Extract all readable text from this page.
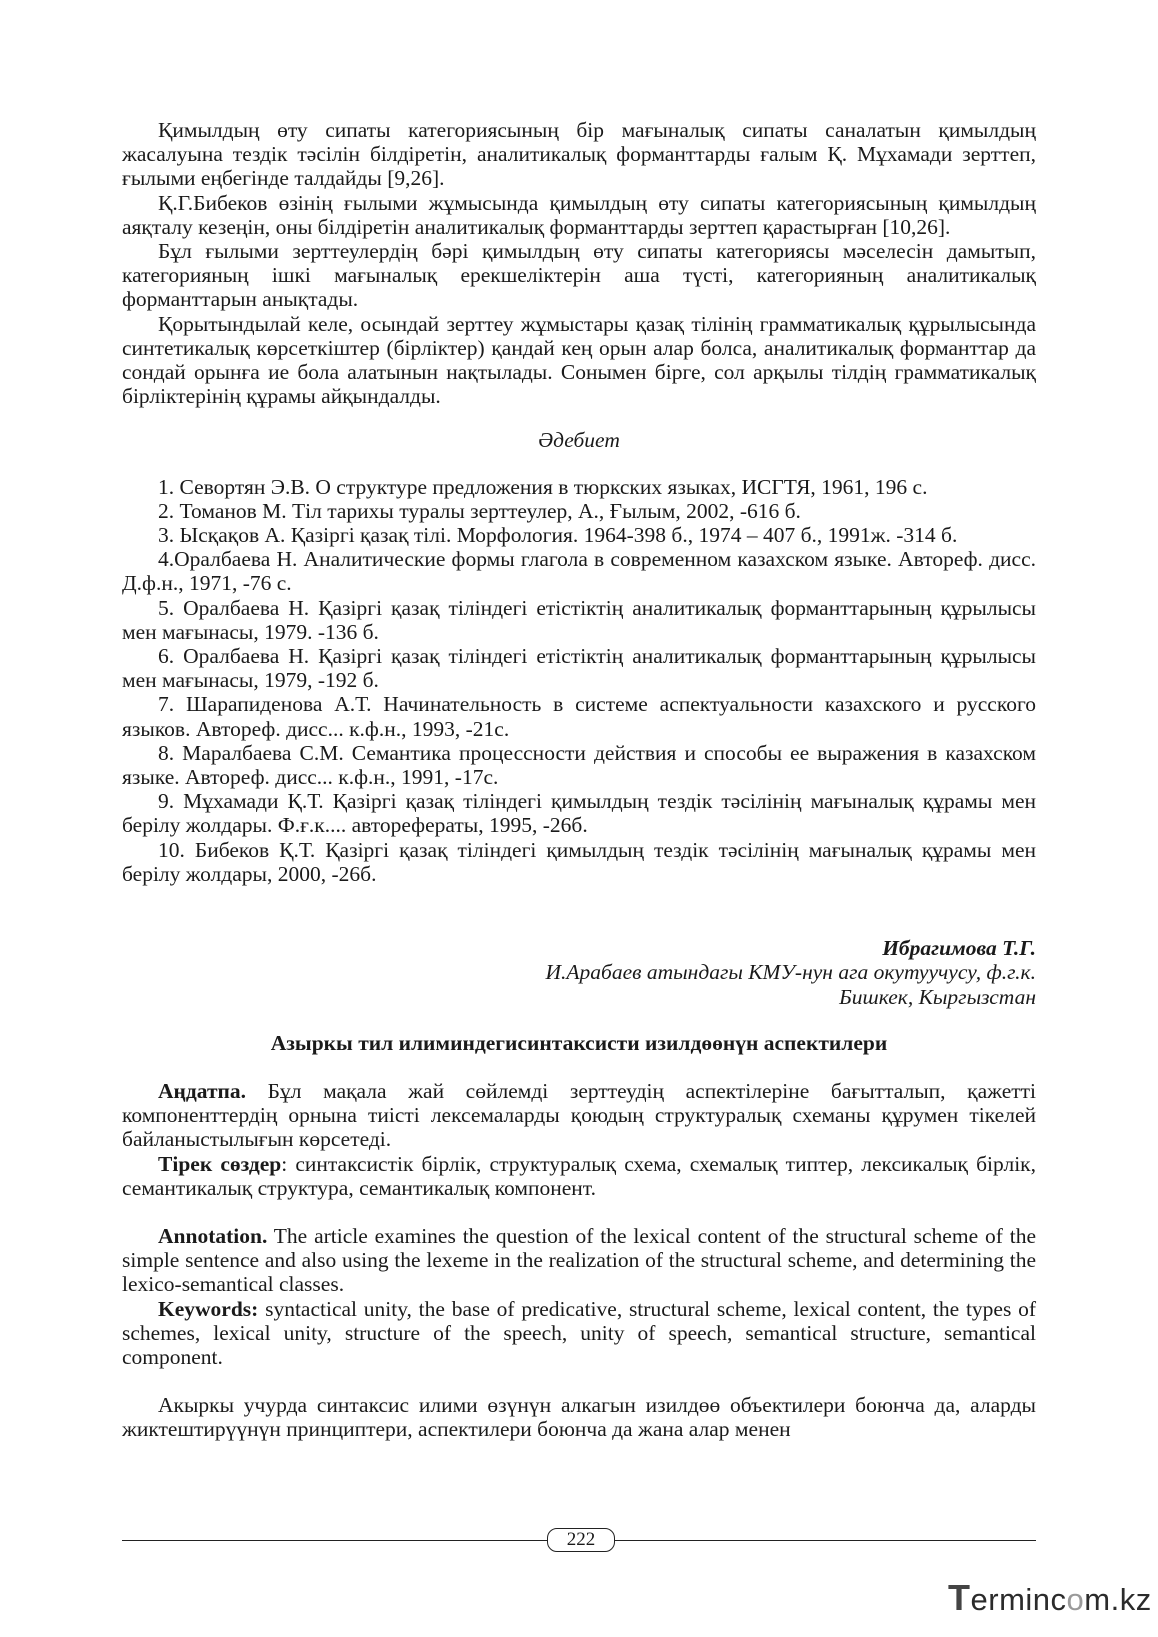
Қимылдың өту сипаты категориясының бір мағыналық сипаты саналатын қимылдың жасалуына тездік тәсілін білдіретін, аналитикалық форманттарды ғалым Қ. Мұхамади зерттеп, ғылыми еңбегінде талдайды [9,26].

Қ.Г.Бибеков өзінің ғылыми жұмысында қимылдың өту сипаты категориясының қимылдың аяқталу кезеңін, оны білдіретін аналитикалық форманттарды зерттеп қарастырған [10,26].

Бұл ғылыми зерттеулердің бәрі қимылдың өту сипаты категориясы мәселесін дамытып, категорияның ішкі мағыналық ерекшеліктерін аша түсті, категорияның аналитикалық форманттарын анықтады.

Қорытындылай келе, осындай зерттеу жұмыстары қазақ тілінің грамматикалық құрылысында синтетикалық көрсеткіштер (бірліктер) қандай кең орын алар болса, аналитикалық форманттар да сондай орынға ие бола алатынын нақтылады. Сонымен бірге, сол арқылы тілдің грамматикалық бірліктерінің құрамы айқындалды.

Әдебиет

1. Севортян Э.В. О структуре предложения в тюркских языках, ИСГТЯ, 1961, 196 с.

2. Томанов М. Тіл тарихы туралы зерттеулер, А., Ғылым, 2002, -616 б.

3. Ысқақов А. Қазіргі қазақ тілі. Морфология. 1964-398 б., 1974 – 407 б., 1991ж. -314 б.

4.Оралбаева Н. Аналитические формы глагола в современном казахском языке. Автореф. дисс. Д.ф.н., 1971, -76 с.

5. Оралбаева Н. Қазіргі қазақ тіліндегі етістіктің аналитикалық форманттарының құрылысы мен мағынасы, 1979. -136 б.

6. Оралбаева Н. Қазіргі қазақ тіліндегі етістіктің аналитикалық форманттарының құрылысы мен мағынасы, 1979, -192 б.

7. Шарапиденова А.Т. Начинательность в системе аспектуальности казахского и русского языков. Автореф. дисс... к.ф.н., 1993, -21с.

8. Маралбаева С.М. Семантика процессности действия и способы ее выражения в казахском языке. Автореф. дисс... к.ф.н., 1991, -17с.

9. Мұхамади Қ.Т. Қазіргі қазақ тіліндегі қимылдың тездік тәсілінің мағыналық құрамы мен берілу жолдары. Ф.ғ.к.... авторефераты, 1995, -26б.

10. Бибеков Қ.Т. Қазіргі қазақ тіліндегі қимылдың тездік тәсілінің мағыналық құрамы мен берілу жолдары, 2000, -26б.

Ибрагимова Т.Г.
И.Арабаев атындагы КМУ-нун ага окутуучусу, ф.г.к.
Бишкек, Кыргызстан
Азыркы тил илиминдегисинтаксисти изилдөөнүн аспектилери

Аңдатпа. Бұл мақала жай сөйлемді зерттеудің аспектілеріне бағытталып, қажетті компоненттердің орнына тиісті лексемаларды қоюдың структуралық схеманы құрумен тікелей байланыстылығын көрсетеді.

Тірек сөздер: синтаксистік бірлік, структуралық схема, схемалық типтер, лексикалық бірлік, семантикалық структура, семантикалық компонент.

Annotation. The article examines the question of the lexical content of the structural scheme of the simple sentence and also using the lexeme in the realization of the structural scheme, and determining the lexico-semantical classes.

Keywords: syntactical unity, the base of predicative, structural scheme, lexical content, the types of schemes, lexical unity, structure of the speech, unity of speech, semantical structure, semantical component.

Акыркы учурда синтаксис илими өзүнүн алкагын изилдөө объектилери боюнча да, аларды жиктештирүүнүн принциптери, аспектилери боюнча да жана алар менен

222
Termincom.kz
